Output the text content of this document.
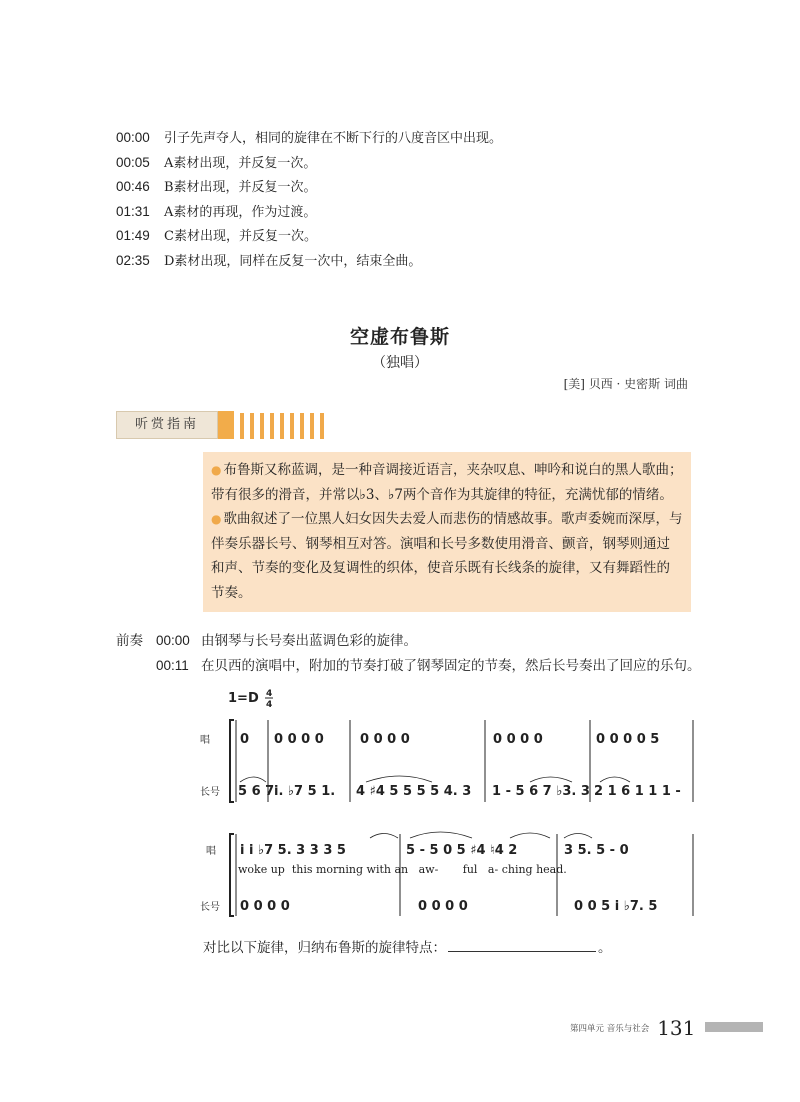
00:00 引子先声夺人，相同的旋律在不断下行的八度音区中出现。
00:05 A素材出现，并反复一次。
00:46 B素材出现，并反复一次。
01:31 A素材的再现，作为过渡。
01:49 C素材出现，并反复一次。
02:35 D素材出现，同样在反复一次中，结束全曲。
空虚布鲁斯
（独唱）
[美] 贝西 · 史密斯 词曲
听赏指南
● 布鲁斯又称蓝调，是一种音调接近语言，夹杂叹息、呻吟和说白的黑人歌曲；带有很多的滑音，并常以♭3、♭7两个音作为其旋律的特征，充满忧郁的情绪。
● 歌曲叙述了一位黑人妇女因失去爱人而悲伤的情感故事。歌声委婉而深厚，与伴奏乐器长号、钢琴相互对答。演唱和长号多数使用滑音、颤音，钢琴则通过和声、节奏的变化及复调性的织体，使音乐既有长线条的旋律，又有舞蹈性的节奏。
前奏 00:00 由钢琴与长号奏出蓝调色彩的旋律。
00:11 在贝西的演唱中，附加的节奏打破了钢琴固定的节奏，然后长号奏出了回应的乐句。
1=D 4
4
唱
长号
0 0 0 0 0	0 0 0 0	0 0 0 0	0 0 0 0 5
5 6 7 i. ♭7 5 1. 4 ♯4 5 5 5 5 4. 3 1 - 5 6 7 ♭3. 3 2 1 6 1 1 1 -
唱
长号
i i ♭7 5. 3 3 3 5	5 - 5 0 5 ♯4 ♮4 2	3 5. 5 - 0
0 0 0 0	0 0 0 0	0 0 5 i ♭7. 5
woke up  this morning with an   aw-       ful   a- ching head.
对比以下旋律，归纳布鲁斯的旋律特点：	。
第四单元 音乐与社会 131
